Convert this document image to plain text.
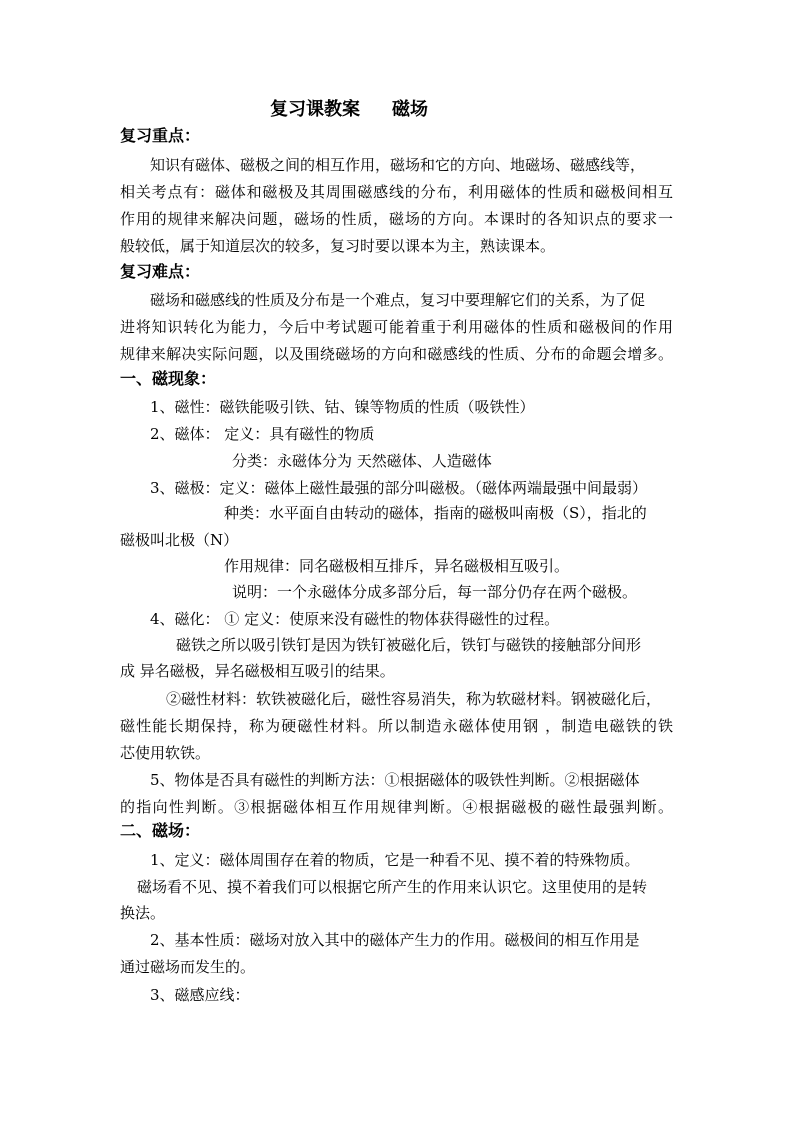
复习课教案 磁场

复习重点：

知识有磁体、磁极之间的相互作用，磁场和它的方向、地磁场、磁感线等，

相关考点有：磁体和磁极及其周围磁感线的分布，利用磁体的性质和磁极间相互

作用的规律来解决问题，磁场的性质，磁场的方向。本课时的各知识点的要求一

般较低，属于知道层次的较多，复习时要以课本为主，熟读课本。

复习难点：

磁场和磁感线的性质及分布是一个难点，复习中要理解它们的关系，为了促

进将知识转化为能力，今后中考试题可能着重于利用磁体的性质和磁极间的作用

规律来解决实际问题，以及围绕磁场的方向和磁感线的性质、分布的命题会增多。

一、磁现象：

1、磁性：磁铁能吸引铁、钴、镍等物质的性质（吸铁性）

2、磁体： 定义：具有磁性的物质

分类：永磁体分为 天然磁体、人造磁体

3、磁极：定义：磁体上磁性最强的部分叫磁极。（磁体两端最强中间最弱）

种类：水平面自由转动的磁体，指南的磁极叫南极（S），指北的

磁极叫北极（N）

作用规律：同名磁极相互排斥，异名磁极相互吸引。

说明：一个永磁体分成多部分后，每一部分仍存在两个磁极。

4、磁化： ① 定义：使原来没有磁性的物体获得磁性的过程。

磁铁之所以吸引铁钉是因为铁钉被磁化后，铁钉与磁铁的接触部分间形

成 异名磁极，异名磁极相互吸引的结果。

②磁性材料：软铁被磁化后，磁性容易消失，称为软磁材料。钢被磁化后，

磁性能长期保持，称为硬磁性材料。所以制造永磁体使用钢 ，制造电磁铁的铁

芯使用软铁。

5、物体是否具有磁性的判断方法：①根据磁体的吸铁性判断。②根据磁体

的指向性判断。③根据磁体相互作用规律判断。④根据磁极的磁性最强判断。

二、磁场：

1、定义：磁体周围存在着的物质，它是一种看不见、摸不着的特殊物质。

磁场看不见、摸不着我们可以根据它所产生的作用来认识它。这里使用的是转

换法。

2、基本性质：磁场对放入其中的磁体产生力的作用。磁极间的相互作用是

通过磁场而发生的。

3、磁感应线：
